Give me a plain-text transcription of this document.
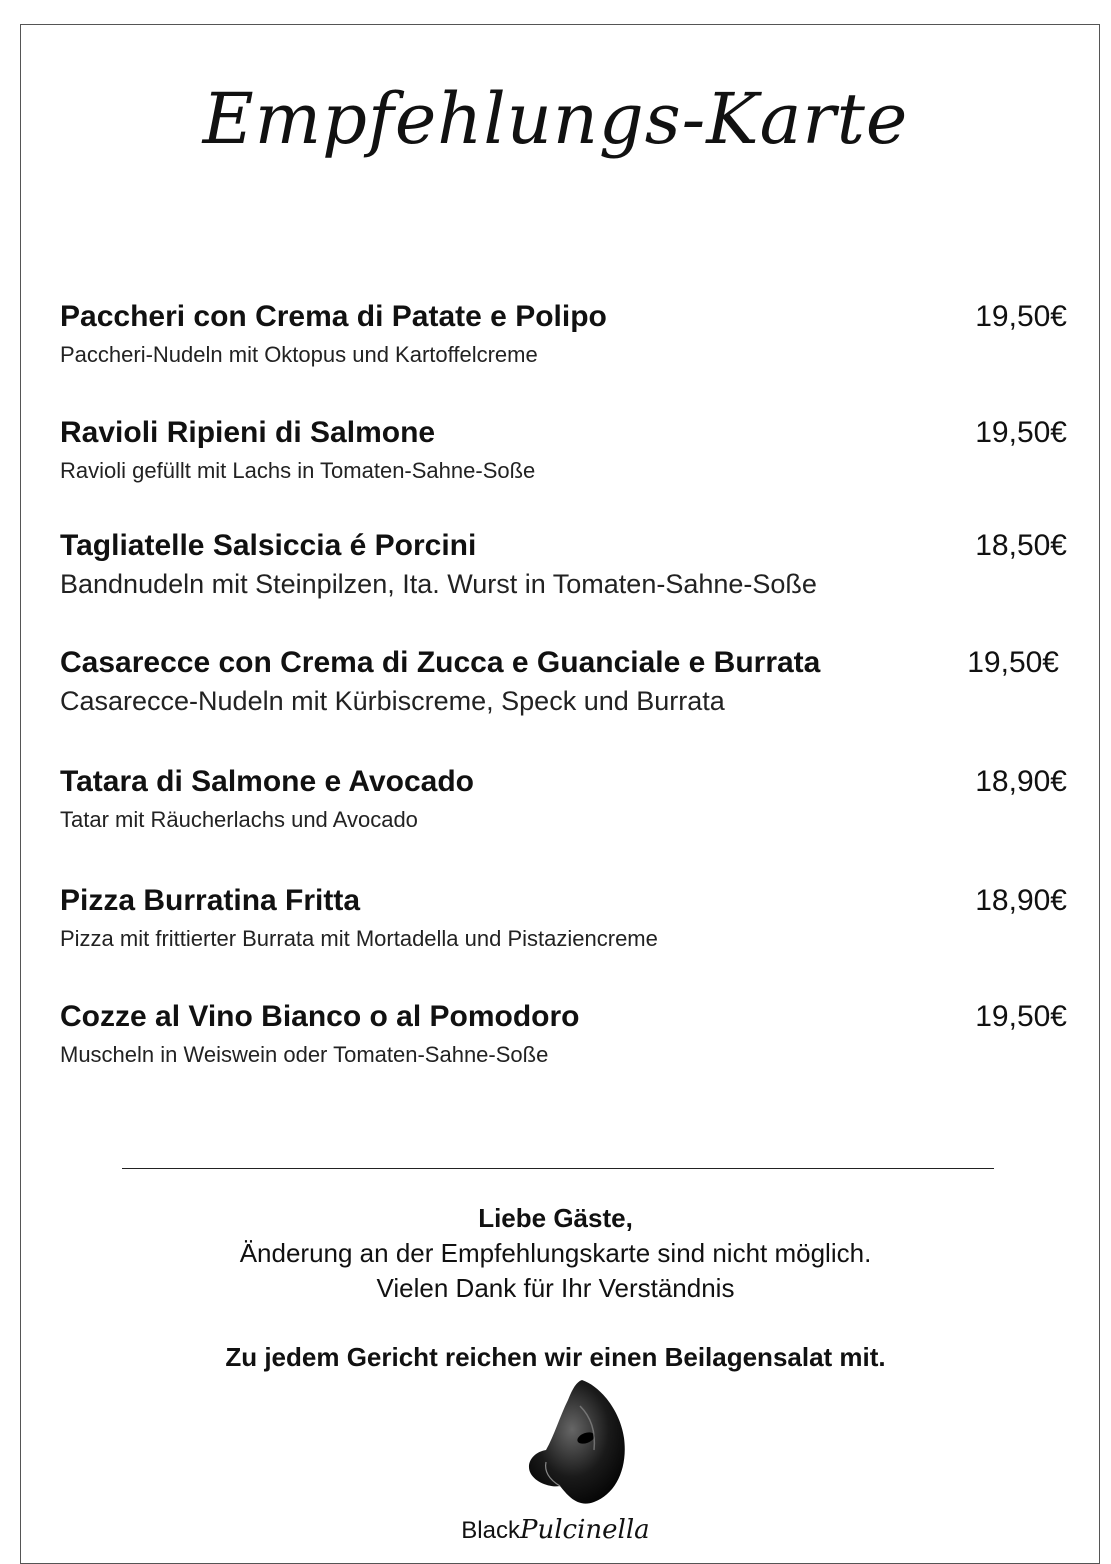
Empfehlungs-Karte
Paccheri con Crema di Patate e Polipo	19,50€
Paccheri-Nudeln mit Oktopus und Kartoffelcreme
Ravioli Ripieni di Salmone	19,50€
Ravioli gefüllt mit Lachs in Tomaten-Sahne-Soße
Tagliatelle Salsiccia é Porcini	18,50€
Bandnudeln mit Steinpilzen, Ita. Wurst in Tomaten-Sahne-Soße
Casarecce con Crema di Zucca e Guanciale e Burrata	19,50€
Casarecce-Nudeln mit Kürbiscreme, Speck und Burrata
Tatara di Salmone e Avocado	18,90€
Tatar mit Räucherlachs und Avocado
Pizza Burratina Fritta	18,90€
Pizza mit frittierter Burrata mit Mortadella und Pistaziencreme
Cozze al Vino Bianco o al Pomodoro	19,50€
Muscheln in Weiswein oder Tomaten-Sahne-Soße
Liebe Gäste,
Änderung an der Empfehlungskarte sind nicht möglich.
Vielen Dank für Ihr Verständnis
Zu jedem Gericht reichen wir einen Beilagensalat mit.
BlackPulcinella
